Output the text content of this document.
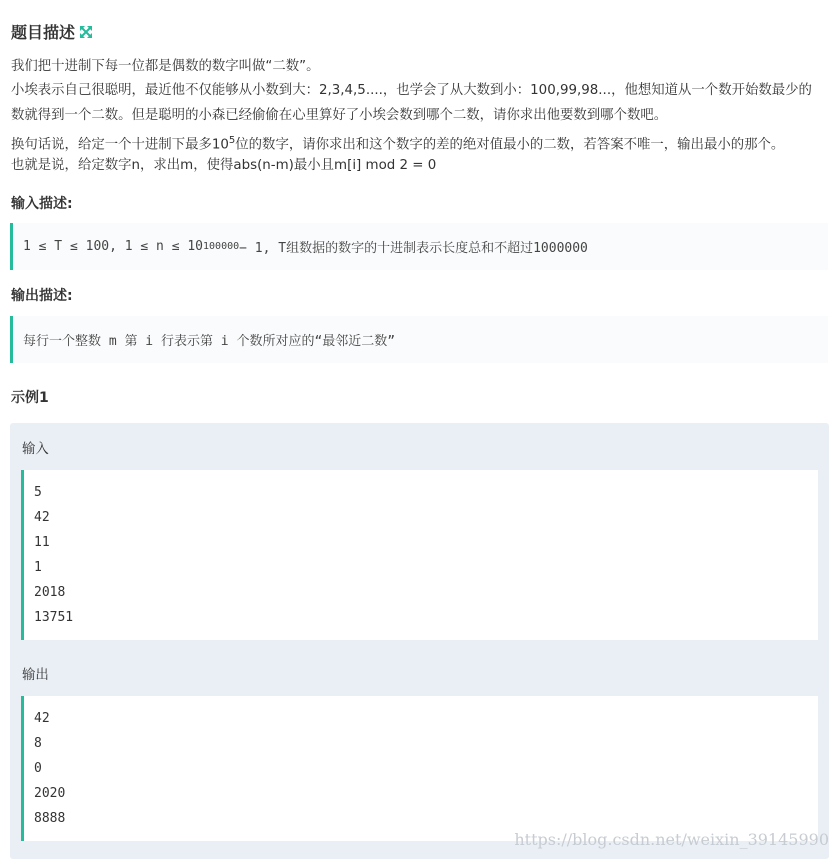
题目描述
我们把十进制下每一位都是偶数的数字叫做“二数”。
小埃表示自己很聪明，最近他不仅能够从小数到大：2,3,4,5....，也学会了从大数到小：100,99,98...，他想知道从一个数开始数最少的
数就得到一个二数。但是聪明的小森已经偷偷在心里算好了小埃会数到哪个二数，请你求出他要数到哪个数吧。
换句话说，给定一个十进制下最多$10^5$位的数字，请你求出和这个数字的差的绝对值最小的二数，若答案不唯一，输出最小的那个。
也就是说，给定数字n，求出m，使得abs(n-m)最小且m[i] mod 2 = 0
输入描述:
1 ≤ T ≤ 100, 1 ≤ n ≤ 10 100000 − 1, T组数据的数字的十进制表示长度总和不超过1000000
输出描述:
每行一个整数 m 第 i 行表示第 i 个数所对应的“最邻近二数”
示例1
输入
5
42
11
1
2018
13751
输出
42
8
0
2020
8888
https://blog.csdn.net/weixin_39145990
